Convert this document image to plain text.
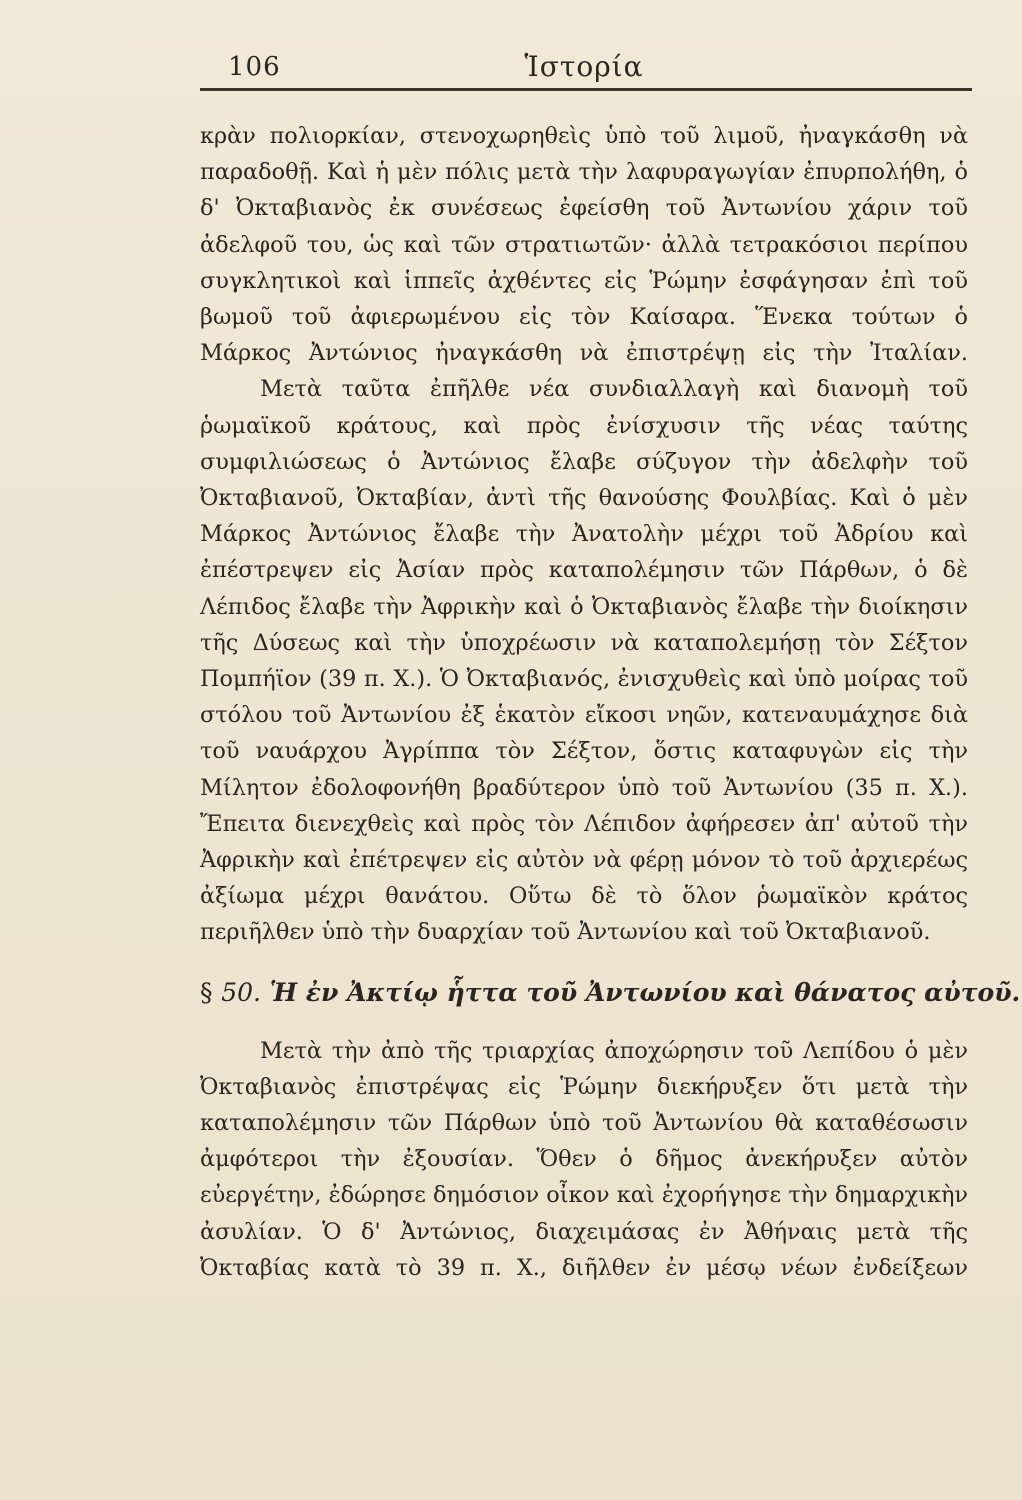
106	Ἱστορία

κρὰν πολιορκίαν, στενοχωρηθεὶς ὑπὸ τοῦ λιμοῦ, ἠναγκάσθη νὰ παραδοθῇ. Καὶ ἡ μὲν πόλις μετὰ τὴν λαφυραγωγίαν ἐπυρπολήθη, ὁ δ' Ὀκταβιανὸς ἐκ συνέσεως ἐφείσθη τοῦ Ἀντωνίου χάριν τοῦ ἀδελφοῦ του, ὡς καὶ τῶν στρατιωτῶν· ἀλλὰ τετρακόσιοι περίπου συγκλητικοὶ καὶ ἱππεῖς ἀχθέντες εἰς Ῥώμην ἐσφάγησαν ἐπὶ τοῦ βωμοῦ τοῦ ἀφιερωμένου εἰς τὸν Καίσαρα. Ἕνεκα τούτων ὁ Μάρκος Ἀντώνιος ἠναγκάσθη νὰ ἐπιστρέψῃ εἰς τὴν Ἰταλίαν.

Μετὰ ταῦτα ἐπῆλθε νέα συνδιαλλαγὴ καὶ διανομὴ τοῦ ῥωμαϊκοῦ κράτους, καὶ πρὸς ἐνίσχυσιν τῆς νέας ταύτης συμφιλιώσεως ὁ Ἀντώνιος ἔλαβε σύζυγον τὴν ἀδελφὴν τοῦ Ὀκταβιανοῦ, Ὀκταβίαν, ἀντὶ τῆς θανούσης Φουλβίας. Καὶ ὁ μὲν Μάρκος Ἀντώνιος ἔλαβε τὴν Ἀνατολὴν μέχρι τοῦ Ἀδρίου καὶ ἐπέστρεψεν εἰς Ἀσίαν πρὸς καταπολέμησιν τῶν Πάρθων, ὁ δὲ Λέπιδος ἔλαβε τὴν Ἀφρικὴν καὶ ὁ Ὀκταβιανὸς ἔλαβε τὴν διοίκησιν τῆς Δύσεως καὶ τὴν ὑποχρέωσιν νὰ καταπολεμήσῃ τὸν Σέξτον Πομπήϊον (39 π. Χ.). Ὁ Ὀκταβιανός, ἐνισχυθεὶς καὶ ὑπὸ μοίρας τοῦ στόλου τοῦ Ἀντωνίου ἐξ ἑκατὸν εἴκοσι νηῶν, κατεναυμάχησε διὰ τοῦ ναυάρχου Ἀγρίππα τὸν Σέξτον, ὅστις καταφυγὼν εἰς τὴν Μίλητον ἐδολοφονήθη βραδύτερον ὑπὸ τοῦ Ἀντωνίου (35 π. Χ.). Ἔπειτα διενεχθεὶς καὶ πρὸς τὸν Λέπιδον ἀφήρεσεν ἀπ' αὐτοῦ τὴν Ἀφρικὴν καὶ ἐπέτρεψεν εἰς αὐτὸν νὰ φέρῃ μόνον τὸ τοῦ ἀρχιερέως ἀξίωμα μέχρι θανάτου. Οὕτω δὲ τὸ ὅλον ῥωμαϊκὸν κράτος περιῆλθεν ὑπὸ τὴν δυαρχίαν τοῦ Ἀντωνίου καὶ τοῦ Ὀκταβιανοῦ.

§ 50. Ἡ ἐν Ἀκτίῳ ἧττα τοῦ Ἀντωνίου καὶ θάνατος αὐτοῦ.

Μετὰ τὴν ἀπὸ τῆς τριαρχίας ἀποχώρησιν τοῦ Λεπίδου ὁ μὲν Ὀκταβιανὸς ἐπιστρέψας εἰς Ῥώμην διεκήρυξεν ὅτι μετὰ τὴν καταπολέμησιν τῶν Πάρθων ὑπὸ τοῦ Ἀντωνίου θὰ καταθέσωσιν ἀμφότεροι τὴν ἐξουσίαν. Ὅθεν ὁ δῆμος ἀνεκήρυξεν αὐτὸν εὐεργέτην, ἐδώρησε δημόσιον οἶκον καὶ ἐχορήγησε τὴν δημαρχικὴν ἀσυλίαν. Ὁ δ' Ἀντώνιος, διαχειμάσας ἐν Ἀθήναις μετὰ τῆς Ὀκταβίας κατὰ τὸ 39 π. Χ., διῆλθεν ἐν μέσῳ νέων ἐνδείξεων
